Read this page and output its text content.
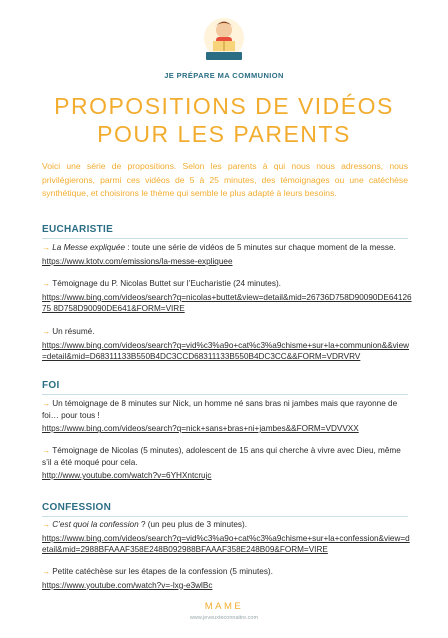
JE PRÉPARE MA COMMUNION
PROPOSITIONS DE VIDÉOS
POUR LES PARENTS

Voici une série de propositions. Selon les parents à qui nous nous adressons, nous privilégierons, parmi ces vidéos de 5 à 25 minutes, des témoignages ou une catéchèse synthétique, et choisirons le thème qui semble le plus adapté à leurs besoins.

EUCHARISTIE

→ La Messe expliquée : toute une série de vidéos de 5 minutes sur chaque moment de la messe.

https://www.ktotv.com/emissions/la-messe-expliquee

→ Témoignage du P. Nicolas Buttet sur l’Eucharistie (24 minutes).

https://www.bing.com/videos/search?q=nicolas+buttet&view=detail&mid=26736D758D90090DE6412675 8D758D90090DE641&FORM=VIRE

→ Un résumé.

https://www.bing.com/videos/search?q=vid%c3%a9o+cat%c3%a9chisme+sur+la+communion&&view=detail&mid=D68311133B550B4DC3CCD68311133B550B4DC3CC&&FORM=VDRVRV

FOI

→ Un témoignage de 8 minutes sur Nick, un homme né sans bras ni jambes mais que rayonne de foi… pour tous !

https://www.bing.com/videos/search?q=nick+sans+bras+ni+jambes&&FORM=VDVVXX

→ Témoignage de Nicolas (5 minutes), adolescent de 15 ans qui cherche à vivre avec Dieu, même s’il a été moqué pour cela.

http://www.youtube.com/watch?v=6YHXntcrujc

CONFESSION

→ C’est quoi la confession ? (un peu plus de 3 minutes).

https://www.bing.com/videos/search?q=vid%c3%a9o+cat%c3%a9chisme+sur+la+confession&view=detail&mid=2988BFAAAF358E248B092988BFAAAF358E248B09&FORM=VIRE

→ Petite catéchèse sur les étapes de la confession (5 minutes).

https://www.youtube.com/watch?v=-lxg-e3wlBc

MAME
www.jeveuxteconnaitre.com
